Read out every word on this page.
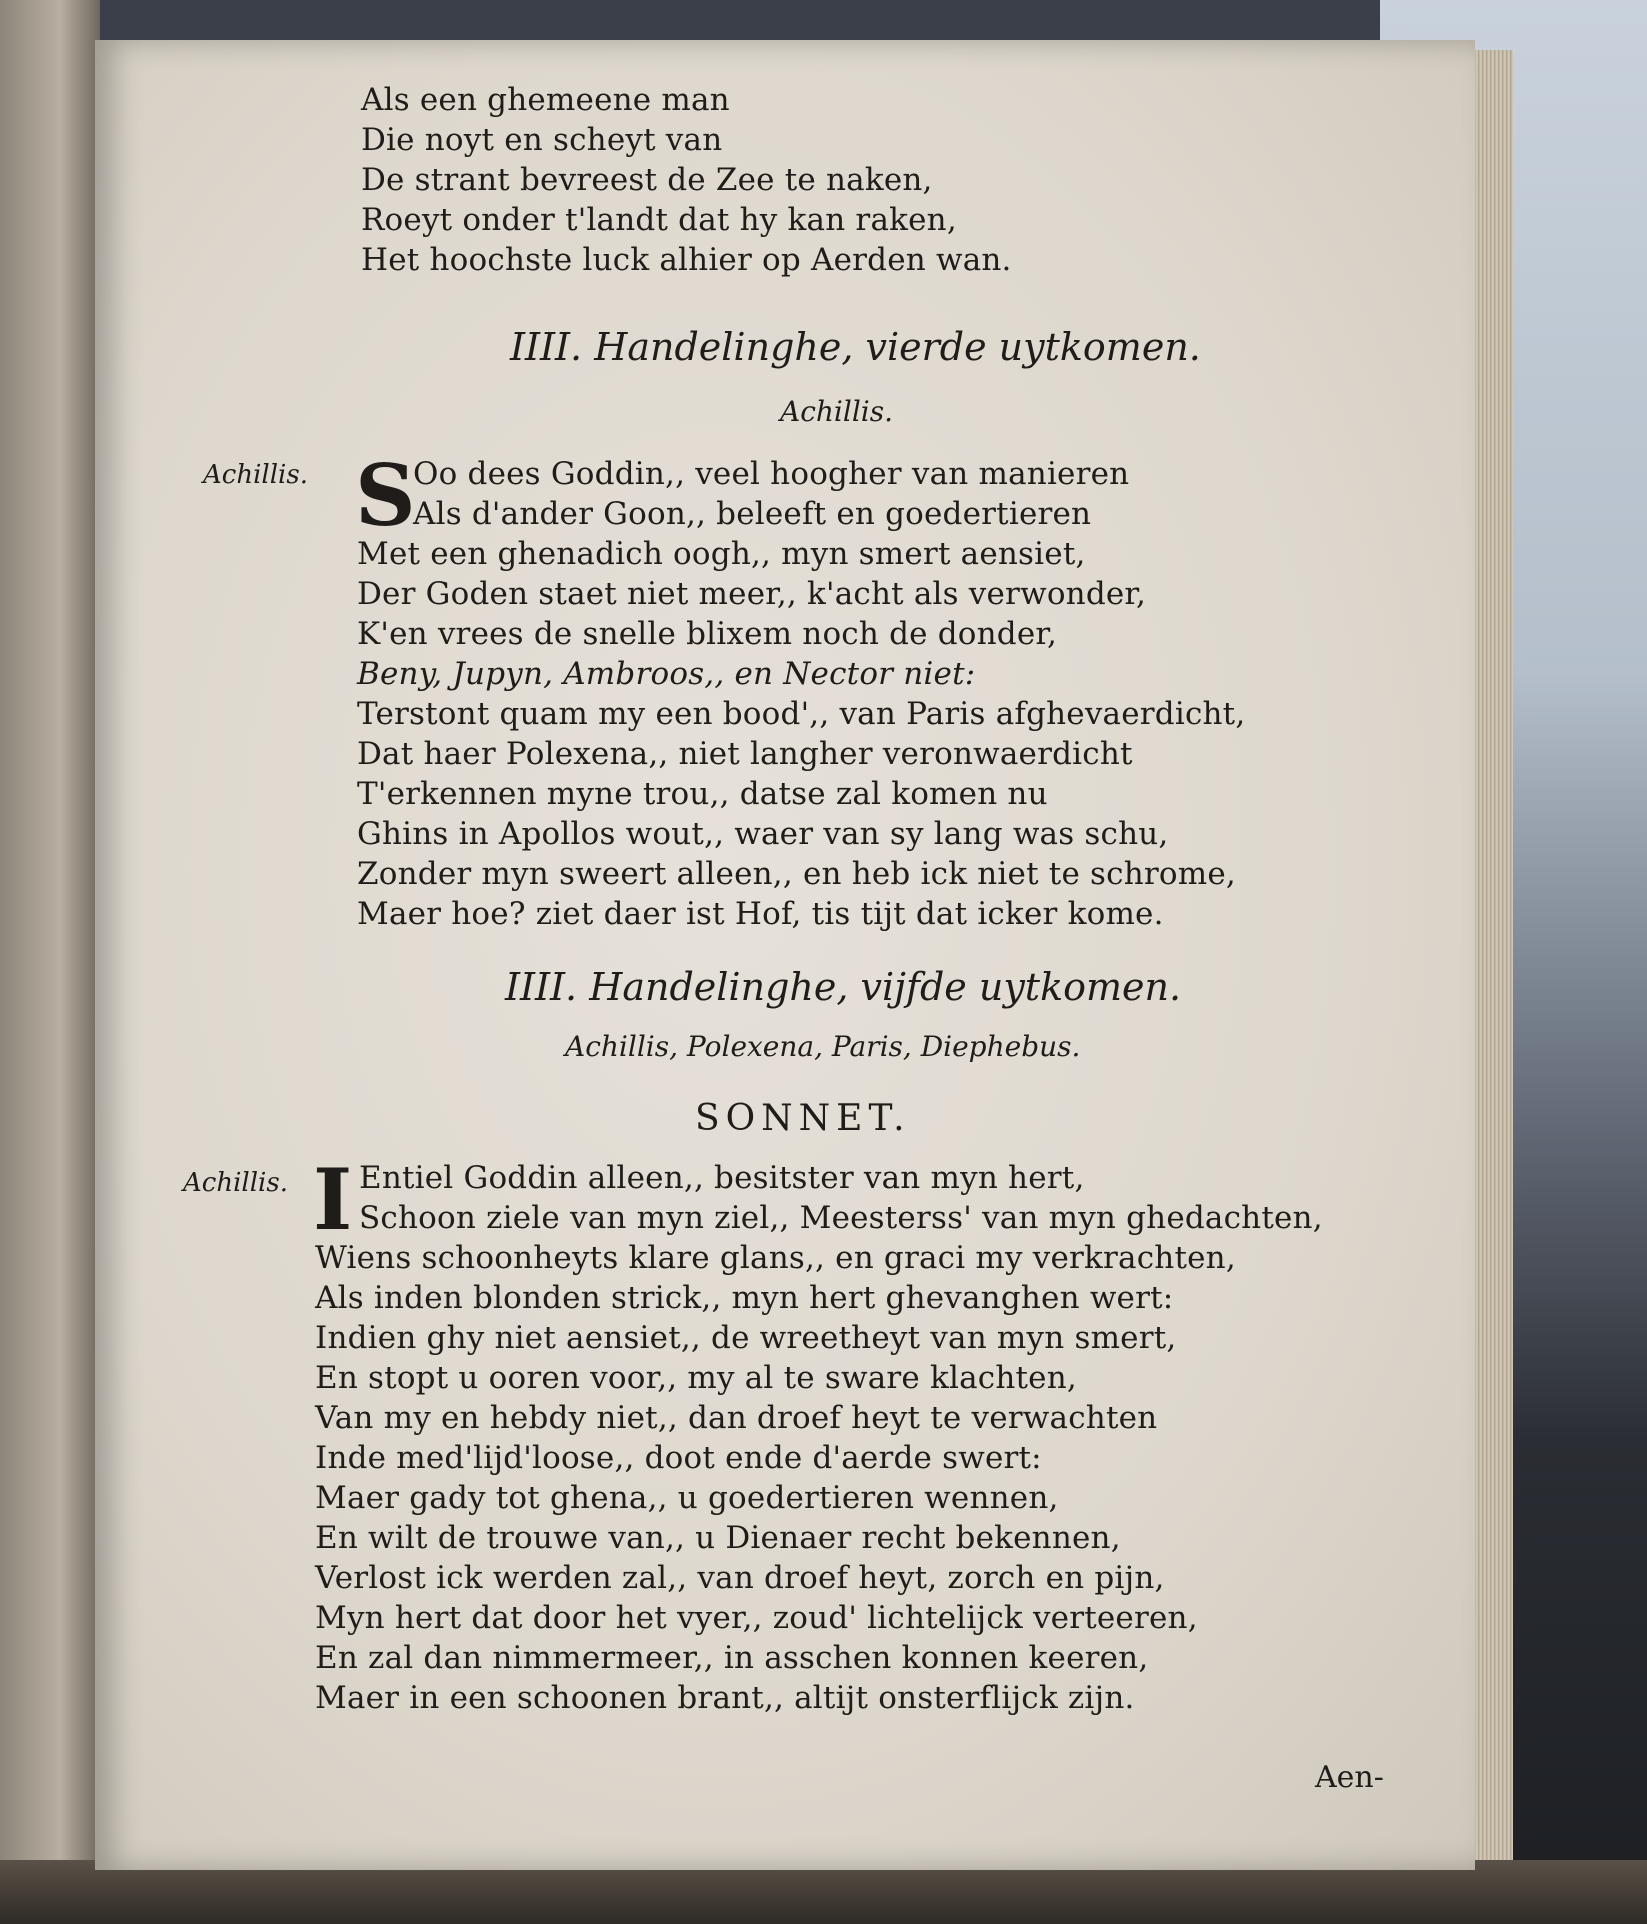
Als een ghemeene man
Die noyt en scheyt van
De strant bevreest de Zee te naken,
Roeyt onder t'landt dat hy kan raken,
Het hoochste luck alhier op Aerden wan.
IIII. Handelinghe, vierde uytkomen.
Achillis.
Achillis. S
Oo dees Goddin,, veel hoogher van manieren
Als d'ander Goon,, beleeft en goedertieren
Met een ghenadich oogh,, myn smert aensiet,
Der Goden staet niet meer,, k'acht als verwonder,
K'en vrees de snelle blixem noch de donder,
Beny, Jupyn, Ambroos,, en Nector niet:
Terstont quam my een bood',, van Paris afghevaerdicht,
Dat haer Polexena,, niet langher veronwaerdicht
T'erkennen myne trou,, datse zal komen nu
Ghins in Apollos wout,, waer van sy lang was schu,
Zonder myn sweert alleen,, en heb ick niet te schrome,
Maer hoe? ziet daer ist Hof, tis tijt dat icker kome.
IIII. Handelinghe, vijfde uytkomen.
Achillis, Polexena, Paris, Diephebus.
SONNET.
Achillis. I Entiel Goddin alleen,, besitster van myn hert,
Schoon ziele van myn ziel,, Meesterss' van myn ghedachten,
Wiens schoonheyts klare glans,, en graci my verkrachten,
Als inden blonden strick,, myn hert ghevanghen wert:
Indien ghy niet aensiet,, de wreetheyt van myn smert,
En stopt u ooren voor,, my al te sware klachten,
Van my en hebdy niet,, dan droef heyt te verwachten
Inde med'lijd'loose,, doot ende d'aerde swert:
Maer gady tot ghena,, u goedertieren wennen,
En wilt de trouwe van,, u Dienaer recht bekennen,
Verlost ick werden zal,, van droef heyt, zorch en pijn,
Myn hert dat door het vyer,, zoud' lichtelijck verteeren,
En zal dan nimmermeer,, in asschen konnen keeren,
Maer in een schoonen brant,, altijt onsterflijck zijn.
Aen-
